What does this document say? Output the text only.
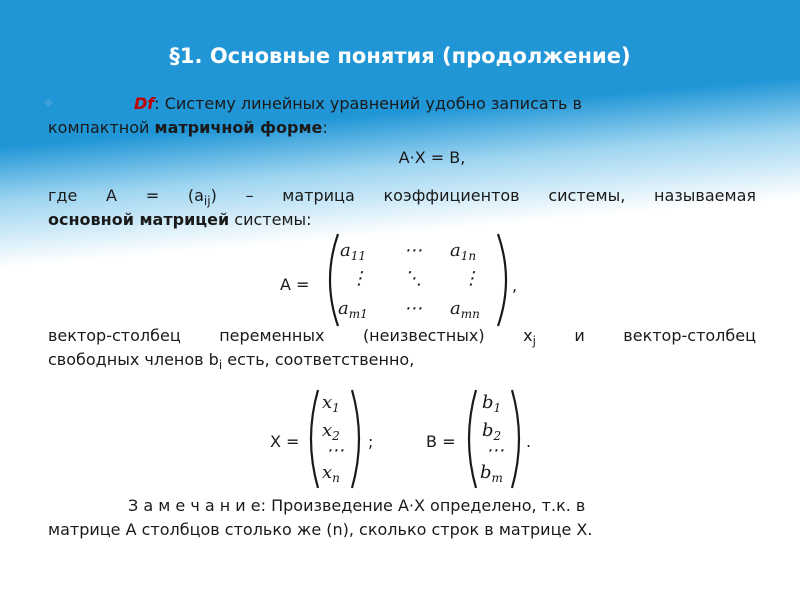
§1. Основные понятия (продолжение)
◆	Df: Систему линейных уравнений удобно записать в
компактной матричной форме:
A·X = B,
где $A = (a_{ij})$ – матрица коэффициентов системы, называемая
основной матрицей системы:
A =
$a_{11}$ ⋯ $a_{1n}$
⋮ ⋱ ⋮
$a_{m1}$ ⋯ $a_{mn}$
,
вектор-столбец переменных (неизвестных) $x_j$ и вектор-столбец
свободных членов $b_i$ есть, соответственно,
X =
$x_1$
$x_2$
⋯
$x_n$
;	B =
$b_1$
$b_2$
⋯
$b_m$
.
З а м е ч а н и е: Произведение A·X определено, т.к. в
матрице A столбцов столько же (n), сколько строк в матрице X.
